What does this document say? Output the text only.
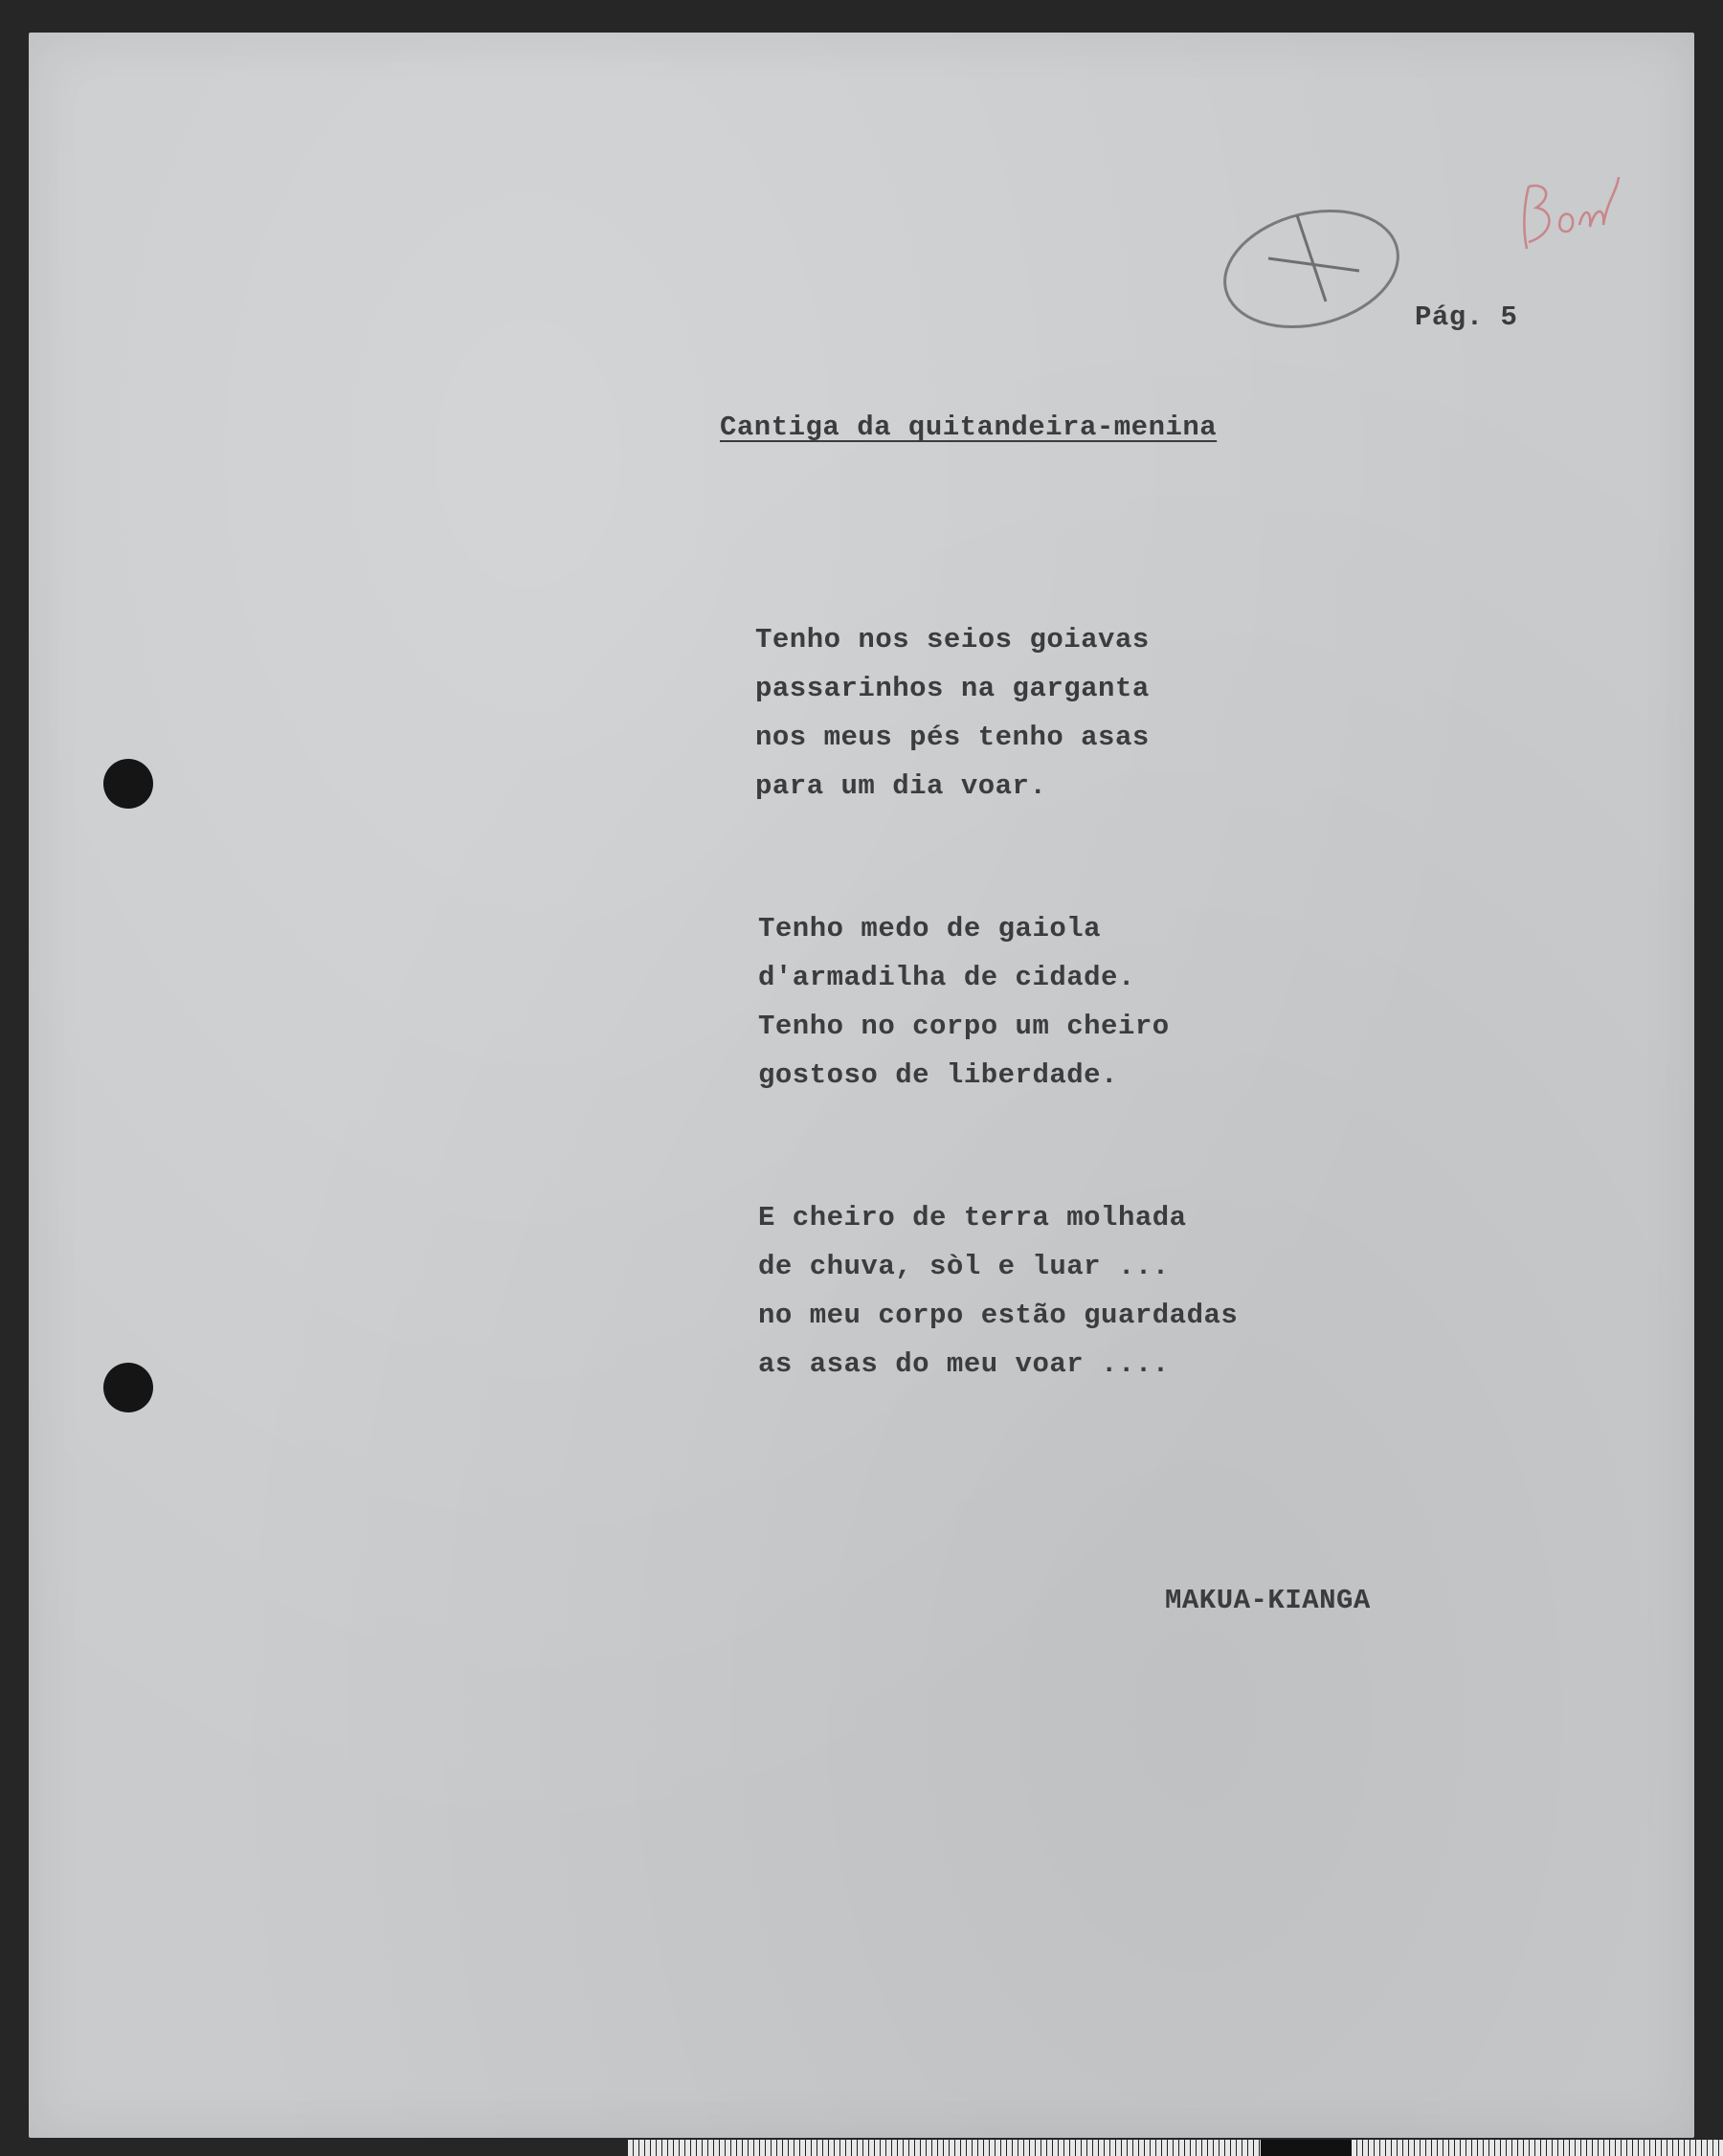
Pág. 5
Cantiga da quitandeira-menina
Tenho nos seios goiavas
passarinhos na garganta
nos meus pés tenho asas
para um dia voar.
Tenho medo de gaiola
d'armadilha de cidade.
Tenho no corpo um cheiro
gostoso de liberdade.
E cheiro de terra molhada
de chuva, sòl e luar ...
no meu corpo estão guardadas
as asas do meu voar ....
MAKUA-KIANGA
